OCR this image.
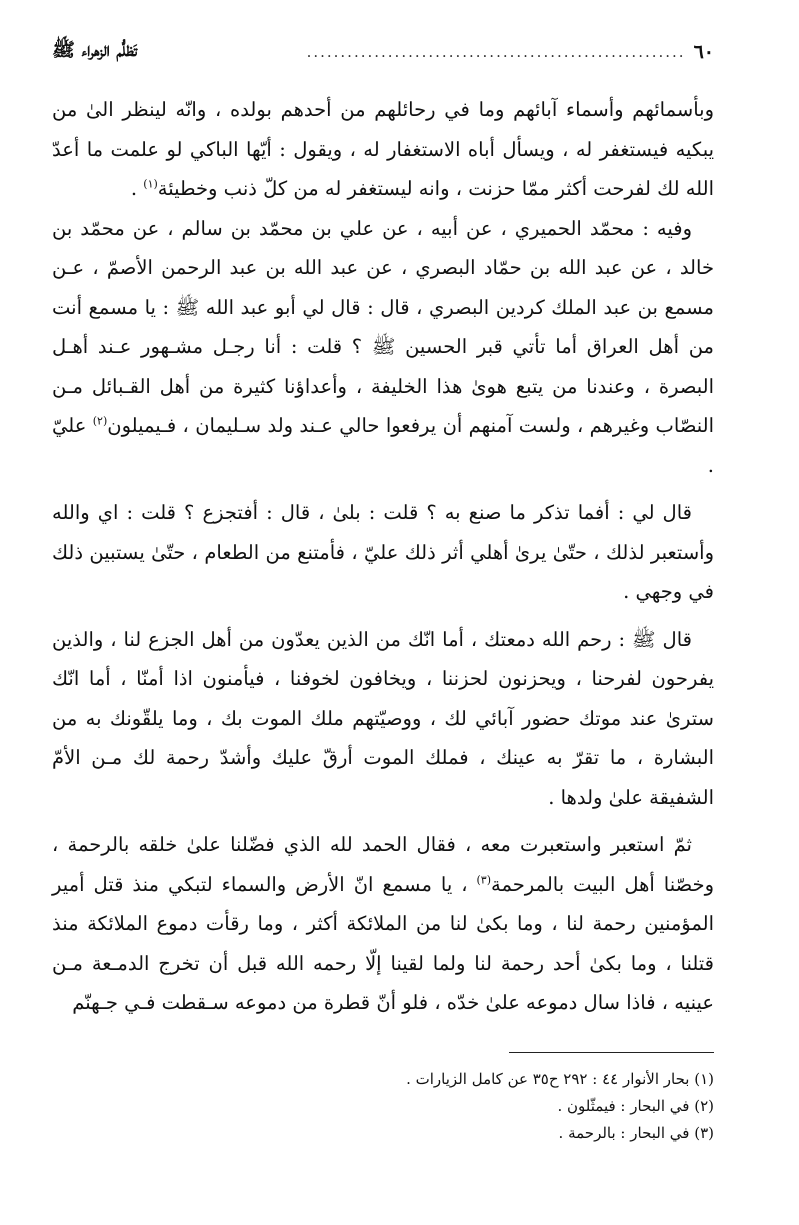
٦٠
........................................................
تَظلُّم الزهراء ﷺ

وبأسمائهم وأسماء آبائهم وما في رحائلهم من أحدهم بولده ، وانّه لينظر الىٰ من يبكيه فيستغفر له ، ويسأل أباه الاستغفار له ، ويقول : أيّها الباكي لو علمت ما أعدّ الله لك لفرحت أكثر ممّا حزنت ، وانه ليستغفر له من كلّ ذنب وخطيئة$^{(١)}$ .

وفيه : محمّد الحميري ، عن أبيه ، عن علي بن محمّد بن سالم ، عن محمّد بن خالد ، عن عبد الله بن حمّاد البصري ، عن عبد الله بن عبد الرحمن الأصمّ ، عـن مسمع بن عبد الملك كردين البصري ، قال : قال لي أبو عبد الله ﷺ : يا مسمع أنت من أهل العراق أما تأتي قبر الحسين ﷺ ؟ قلت : أنا رجـل مشـهور عـند أهـل البصرة ، وعندنا من يتبع هوىٰ هذا الخليفة ، وأعداؤنا كثيرة من أهل القـبائل مـن النصّاب وغيرهم ، ولست آمنهم أن يرفعوا حالي عـند ولد سـليمان ، فـيميلون$^{(٢)}$ عليّ .

قال لي : أفما تذكر ما صنع به ؟ قلت : بلىٰ ، قال : أفتجزع ؟ قلت : اي والله وأستعبر لذلك ، حتّىٰ يرىٰ أهلي أثر ذلك عليّ ، فأمتنع من الطعام ، حتّىٰ يستبين ذلك في وجهي .

قال ﷺ : رحم الله دمعتك ، أما انّك من الذين يعدّون من أهل الجزع لنا ، والذين يفرحون لفرحنا ، ويحزنون لحزننا ، ويخافون لخوفنا ، فيأمنون اذا أمنّا ، أما انّك سترىٰ عند موتك حضور آبائي لك ، ووصيّتهم ملك الموت بك ، وما يلقّونك به من البشارة ، ما تقرّ به عينك ، فملك الموت أرقّ عليك وأشدّ رحمة لك مـن الأمّ الشفيقة علىٰ ولدها .

ثمّ استعبر واستعبرت معه ، فقال الحمد لله الذي فضّلنا علىٰ خلقه بالرحمة ، وخصّنا أهل البيت بالمرحمة$^{(٣)}$ ، يا مسمع انّ الأرض والسماء لتبكي منذ قتل أمير المؤمنين رحمة لنا ، وما بكىٰ لنا من الملائكة أكثر ، وما رقأت دموع الملائكة منذ قتلنا ، وما بكىٰ أحد رحمة لنا ولما لقينا إلّا رحمه الله قبل أن تخرج الدمـعة مـن عينيه ، فاذا سال دموعه علىٰ خدّه ، فلو أنّ قطرة من دموعه سـقطت فـي جـهنّم

(١) بحار الأنوار ٤٤ : ٢٩٢ ح٣٥ عن كامل الزيارات .
(٢) في البحار : فيمثّلون .
(٣) في البحار : بالرحمة .
